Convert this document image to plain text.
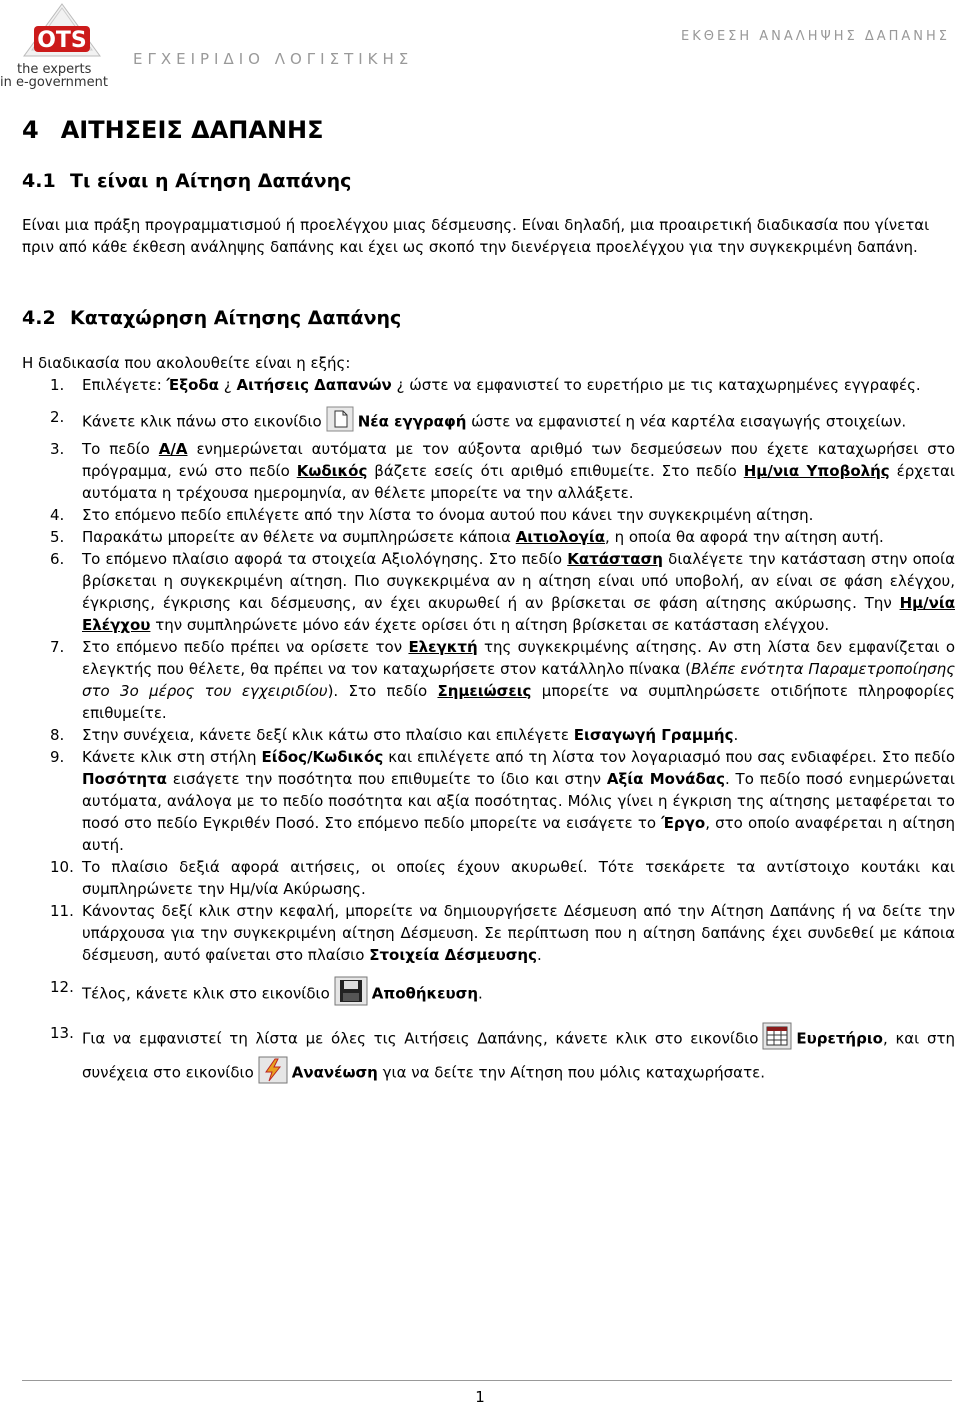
OTS
the experts
in e-government
ΕΓΧΕΙΡΙΔΙΟ ΛΟΓΙΣΤΙΚΗΣ
ΕΚΘΕΣΗ ΑΝΑΛΗΨΗΣ ΔΑΠΑΝΗΣ
4 ΑΙΤΗΣΕΙΣ ΔΑΠΑΝΗΣ
4.1 Τι είναι η Αίτηση Δαπάνης
Είναι μια πράξη προγραμματισμού ή προελέγχου μιας δέσμευσης. Είναι δηλαδή, μια προαιρετική διαδικασία που γίνεται πριν από κάθε έκθεση ανάληψης δαπάνης και έχει ως σκοπό την διενέργεια προελέγχου για την συγκεκριμένη δαπάνη.
4.2 Καταχώρηση Αίτησης Δαπάνης
Η διαδικασία που ακολουθείτε είναι η εξής:
1.	Επιλέγετε: Έξοδα ¿ Αιτήσεις Δαπανών ¿ ώστε να εμφανιστεί το ευρετήριο με τις καταχωρημένες εγγραφές.
2.	Κάνετε κλικ πάνω στο εικονίδιο Νέα εγγραφή ώστε να εμφανιστεί η νέα καρτέλα εισαγωγής στοιχείων.
3.	Το πεδίο Α/Α ενημερώνεται αυτόματα με τον αύξοντα αριθμό των δεσμεύσεων που έχετε καταχωρήσει στο πρόγραμμα, ενώ στο πεδίο Κωδικός βάζετε εσείς ότι αριθμό επιθυμείτε. Στο πεδίο Ημ/νια Υποβολής έρχεται αυτόματα η τρέχουσα ημερομηνία, αν θέλετε μπορείτε να την αλλάξετε.
4.	Στο επόμενο πεδίο επιλέγετε από την λίστα το όνομα αυτού που κάνει την συγκεκριμένη αίτηση.
5.	Παρακάτω μπορείτε αν θέλετε να συμπληρώσετε κάποια Αιτιολογία, η οποία θα αφορά την αίτηση αυτή.
6.	Το επόμενο πλαίσιο αφορά τα στοιχεία Αξιολόγησης. Στο πεδίο Κατάσταση διαλέγετε την κατάσταση στην οποία βρίσκεται η συγκεκριμένη αίτηση. Πιο συγκεκριμένα αν η αίτηση είναι υπό υποβολή, αν είναι σε φάση ελέγχου, έγκρισης, έγκρισης και δέσμευσης, αν έχει ακυρωθεί ή αν βρίσκεται σε φάση αίτησης ακύρωσης. Την Ημ/νία Ελέγχου την συμπληρώνετε μόνο εάν έχετε ορίσει ότι η αίτηση βρίσκεται σε κατάσταση ελέγχου.
7.	Στο επόμενο πεδίο πρέπει να ορίσετε τον Ελεγκτή της συγκεκριμένης αίτησης. Αν στη λίστα δεν εμφανίζεται ο ελεγκτής που θέλετε, θα πρέπει να τον καταχωρήσετε στον κατάλληλο πίνακα (Βλέπε ενότητα Παραμετροποίησης στο 3ο μέρος του εγχειριδίου). Στο πεδίο Σημειώσεις μπορείτε να συμπληρώσετε οτιδήποτε πληροφορίες επιθυμείτε.
8.	Στην συνέχεια, κάνετε δεξί κλικ κάτω στο πλαίσιο και επιλέγετε Εισαγωγή Γραμμής.
9.	Κάνετε κλικ στη στήλη Είδος/Κωδικός και επιλέγετε από τη λίστα τον λογαριασμό που σας ενδιαφέρει. Στο πεδίο Ποσότητα εισάγετε την ποσότητα που επιθυμείτε το ίδιο και στην Αξία Μονάδας. Το πεδίο ποσό ενημερώνεται αυτόματα, ανάλογα με το πεδίο ποσότητα και αξία ποσότητας. Μόλις γίνει η έγκριση της αίτησης μεταφέρεται το ποσό στο πεδίο Εγκριθέν Ποσό. Στο επόμενο πεδίο μπορείτε να εισάγετε το Έργο, στο οποίο αναφέρεται η αίτηση αυτή.
10. Το πλαίσιο δεξιά αφορά αιτήσεις, οι οποίες έχουν ακυρωθεί. Τότε τσεκάρετε τα αντίστοιχο κουτάκι και συμπληρώνετε την Ημ/νία Ακύρωσης.
11. Κάνοντας δεξί κλικ στην κεφαλή, μπορείτε να δημιουργήσετε Δέσμευση από την Αίτηση Δαπάνης ή να δείτε την υπάρχουσα για την συγκεκριμένη αίτηση Δέσμευση. Σε περίπτωση που η αίτηση δαπάνης έχει συνδεθεί με κάποια δέσμευση, αυτό φαίνεται στο πλαίσιο Στοιχεία Δέσμευσης.
12. Τέλος, κάνετε κλικ στο εικονίδιο	Αποθήκευση.
13. Για να εμφανιστεί τη λίστα με όλες τις Αιτήσεις Δαπάνης, κάνετε κλικ στο εικονίδιο	Ευρετήριο, και στη συνέχεια στο εικονίδιο	Ανανέωση για να δείτε την Αίτηση που μόλις καταχωρήσατε.
1
